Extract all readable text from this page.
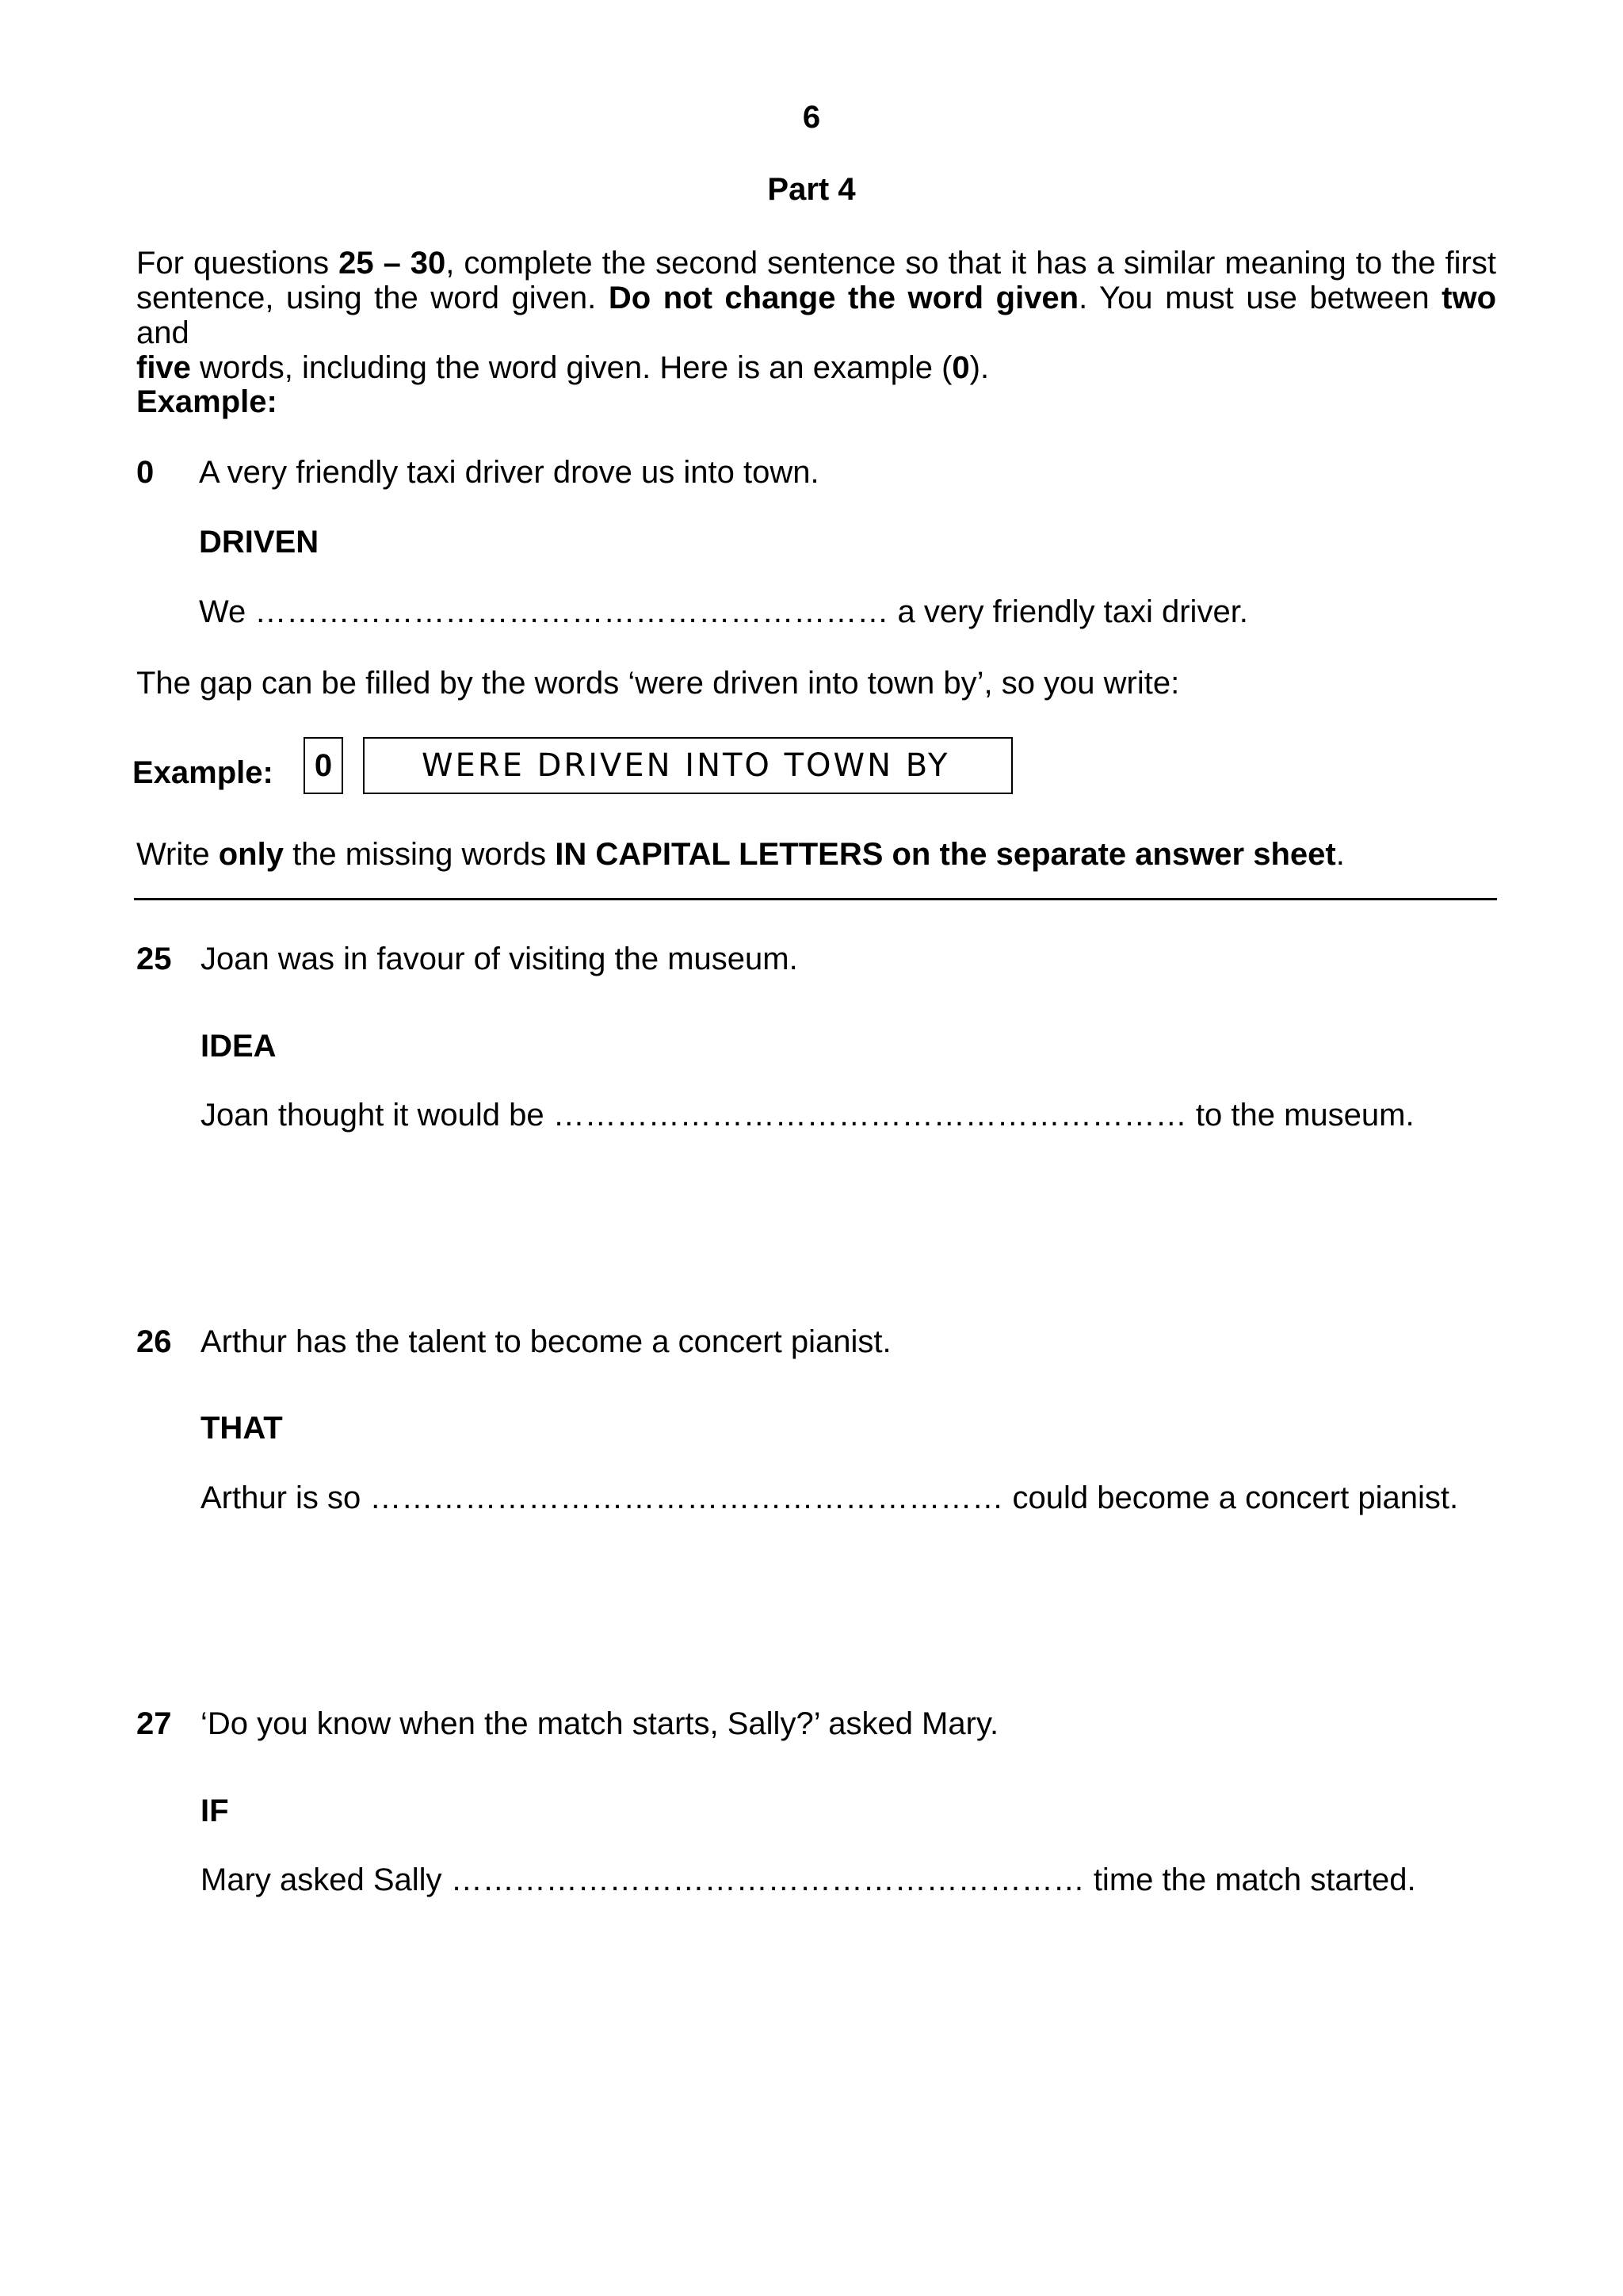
6
Part 4

For questions 25 – 30, complete the second sentence so that it has a similar meaning to the first

sentence, using the word given. Do not change the word given. You must use between two and

five words, including the word given. Here is an example (0).

Example:
0 A very friendly taxi driver drove us into town.
DRIVEN
We …………………………………………………… a very friendly taxi driver.
The gap can be filled by the words ‘were driven into town by’, so you write:
Example:	0	WERE DRIVEN INTO TOWN BY
Write only the missing words IN CAPITAL LETTERS on the separate answer sheet.
25 Joan was in favour of visiting the museum.
IDEA
Joan thought it would be …………………………………………………… to the museum.
26 Arthur has the talent to become a concert pianist.
THAT
Arthur is so …………………………………………………… could become a concert pianist.
27 ‘Do you know when the match starts, Sally?’ asked Mary.
IF
Mary asked Sally …………………………………………………… time the match started.
